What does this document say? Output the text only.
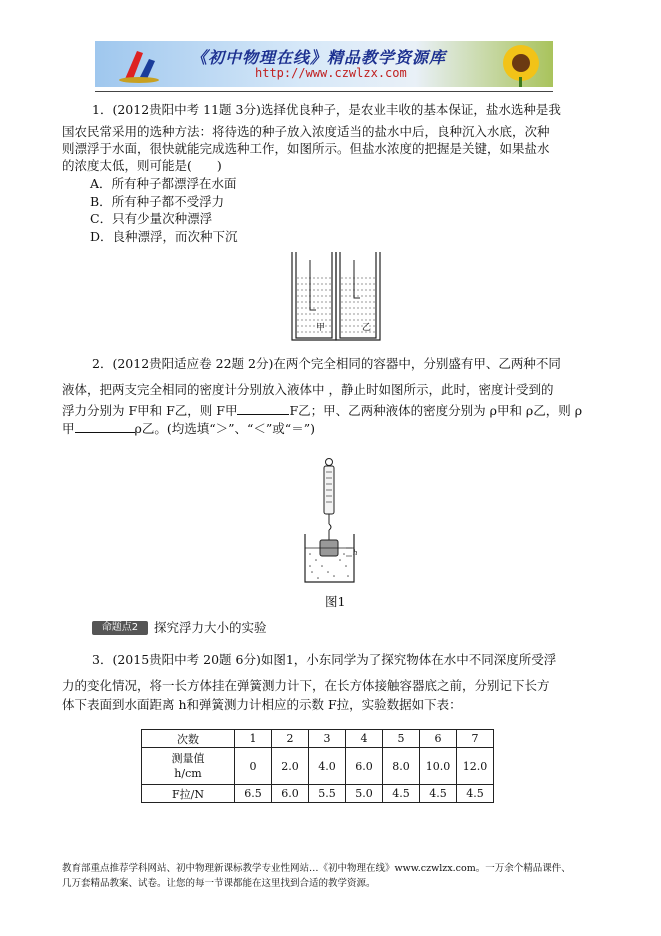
《初中物理在线》精品教学资源库
http://www.czwlzx.com
1．(2012贵阳中考 11题 3分)选择优良种子，是农业丰收的基本保证，盐水选种是我
国农民常采用的选种方法：将待选的种子放入浓度适当的盐水中后，良种沉入水底，次种
则漂浮于水面，很快就能完成选种工作，如图所示。但盐水浓度的把握是关键，如果盐水
的浓度太低，则可能是(　　)
A．所有种子都漂浮在水面
B．所有种子都不受浮力
C．只有少量次种漂浮
D．良种漂浮，而次种下沉
甲	乙
2．(2012贵阳适应卷 22题 2分)在两个完全相同的容器中，分别盛有甲、乙两种不同
液体，把两支完全相同的密度计分别放入液体中 ，静止时如图所示，此时，密度计受到的
浮力分别为 F甲和 F乙，则 F甲	F乙；甲、乙两种液体的密度分别为 ρ甲和 ρ乙，则 ρ
甲	ρ乙。(均选填“＞”、“＜”或“＝”)
h
图1
命题点2	探究浮力大小的实验
3．(2015贵阳中考 20题 6分)如图1，小东同学为了探究物体在水中不同深度所受浮
力的变化情况，将一长方体挂在弹簧测力计下，在长方体接触容器底之前，分别记下长方
体下表面到水面距离 h和弹簧测力计相应的示数 F拉，实验数据如下表：
次数	1	2	3	4	5	6	7
测量值
h/cm	0	2.0	4.0	6.0	8.0	10.0	12.0
F拉/N	6.5	6.0	5.5	5.0	4.5	4.5	4.5
教育部重点推荐学科网站、初中物理新课标教学专业性网站…《初中物理在线》www.czwlzx.com。一万余个精品课件、
几万套精品教案、试卷。让您的每一节课都能在这里找到合适的教学资源。
